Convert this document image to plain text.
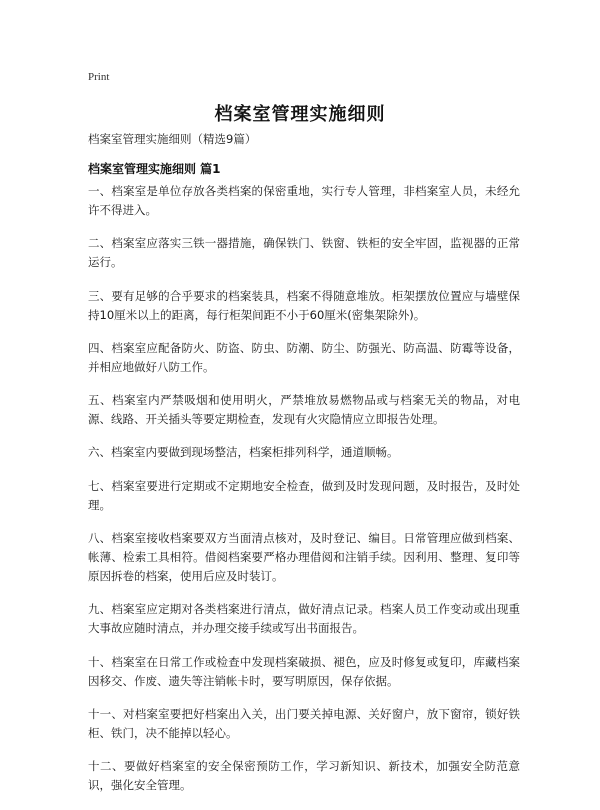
Print
档案室管理实施细则
档案室管理实施细则（精选9篇）
档案室管理实施细则 篇1

一、档案室是单位存放各类档案的保密重地，实行专人管理，非档案室人员，未经允许不得进入。

二、档案室应落实三铁一器措施，确保铁门、铁窗、铁柜的安全牢固，监视器的正常运行。

三、要有足够的合乎要求的档案装具，档案不得随意堆放。柜架摆放位置应与墙壁保持10厘米以上的距离，每行柜架间距不小于60厘米(密集架除外)。

四、档案室应配备防火、防盗、防虫、防潮、防尘、防强光、防高温、防霉等设备，并相应地做好八防工作。

五、档案室内严禁吸烟和使用明火，严禁堆放易燃物品或与档案无关的物品，对电源、线路、开关插头等要定期检查，发现有火灾隐情应立即报告处理。

六、档案室内要做到现场整洁，档案柜排列科学，通道顺畅。

七、档案室要进行定期或不定期地安全检查，做到及时发现问题，及时报告，及时处理。

八、档案室接收档案要双方当面清点核对，及时登记、编目。日常管理应做到档案、帐薄、检索工具相符。借阅档案要严格办理借阅和注销手续。因利用、整理、复印等原因拆卷的档案，使用后应及时装订。

九、档案室应定期对各类档案进行清点，做好清点记录。档案人员工作变动或出现重大事故应随时清点，并办理交接手续或写出书面报告。

十、档案室在日常工作或检查中发现档案破损、褪色，应及时修复或复印，库藏档案因移交、作废、遗失等注销帐卡时，要写明原因，保存依据。

十一、对档案室要把好档案出入关，出门要关掉电源、关好窗户，放下窗帘，锁好铁柜、铁门，决不能掉以轻心。

十二、要做好档案室的安全保密预防工作，学习新知识、新技术，加强安全防范意识，强化安全管理。
